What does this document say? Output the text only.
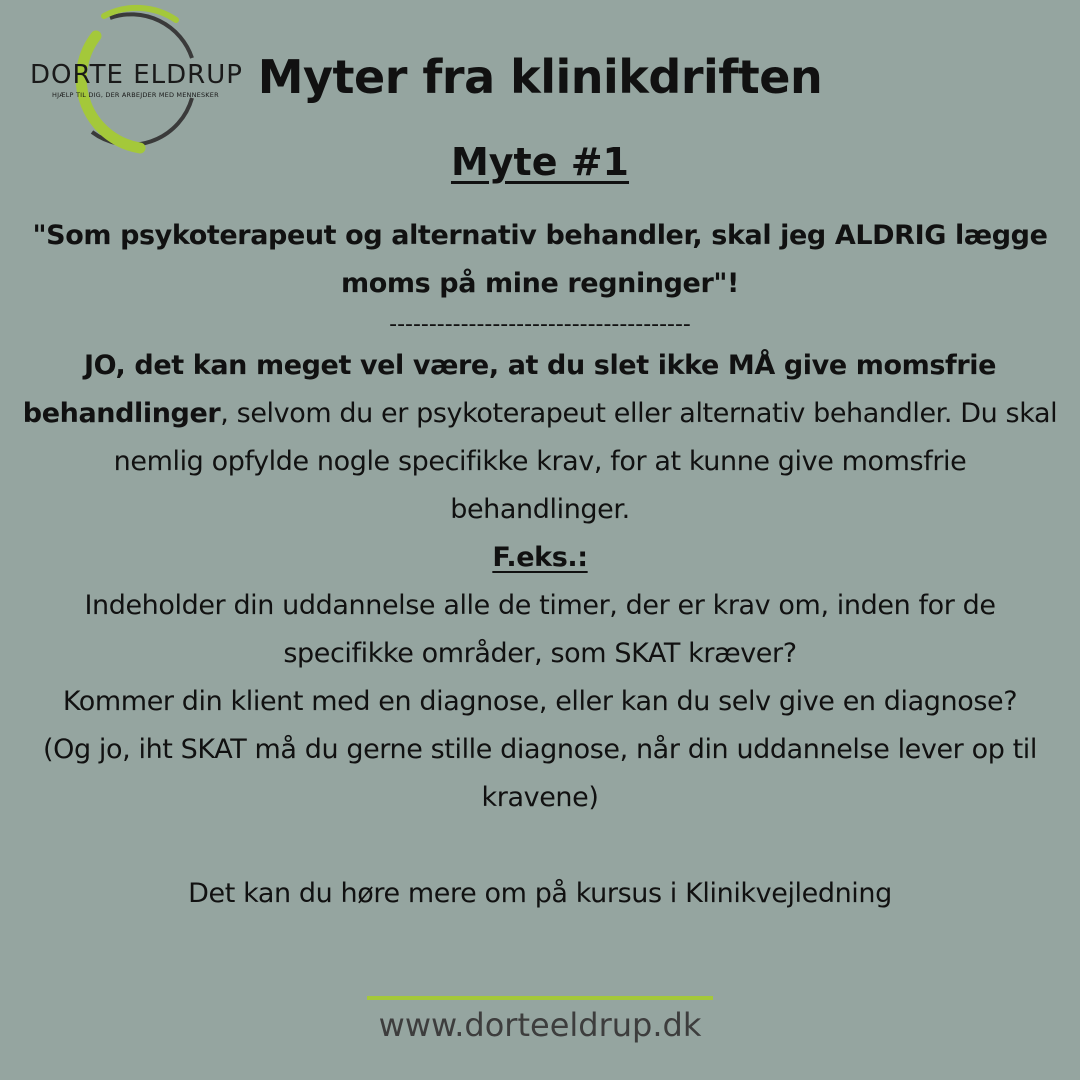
DORTE ELDRUP
HJÆLP TIL DIG, DER ARBEJDER MED MENNESKER Myter fra klinikdriften
Myte #1

"Som psykoterapeut og alternativ behandler, skal jeg ALDRIG lægge moms på mine regninger"!

--------------------------------------

JO, det kan meget vel være, at du slet ikke MÅ give momsfrie behandlinger, selvom du er psykoterapeut eller alternativ behandler. Du skal nemlig opfylde nogle specifikke krav, for at kunne give momsfrie behandlinger.

F.eks.:

Indeholder din uddannelse alle de timer, der er krav om, inden for de specifikke områder, som SKAT kræver?

Kommer din klient med en diagnose, eller kan du selv give en diagnose?

(Og jo, iht SKAT må du gerne stille diagnose, når din uddannelse lever op til kravene)

Det kan du høre mere om på kursus i Klinikvejledning

www.dorteeldrup.dk
